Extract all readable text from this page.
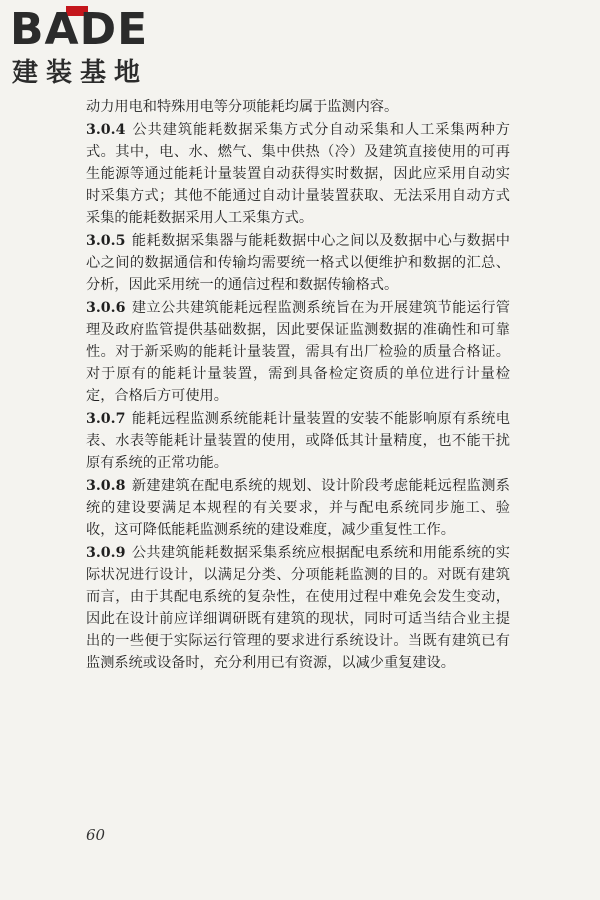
BADE
建装基地

动力用电和特殊用电等分项能耗均属于监测内容。

3.0.4 公共建筑能耗数据采集方式分自动采集和人工采集两种方式。其中，电、水、燃气、集中供热（冷）及建筑直接使用的可再生能源等通过能耗计量装置自动获得实时数据，因此应采用自动实时采集方式；其他不能通过自动计量装置获取、无法采用自动方式采集的能耗数据采用人工采集方式。

3.0.5 能耗数据采集器与能耗数据中心之间以及数据中心与数据中心之间的数据通信和传输均需要统一格式以便维护和数据的汇总、分析，因此采用统一的通信过程和数据传输格式。

3.0.6 建立公共建筑能耗远程监测系统旨在为开展建筑节能运行管理及政府监管提供基础数据，因此要保证监测数据的准确性和可靠性。对于新采购的能耗计量装置，需具有出厂检验的质量合格证。对于原有的能耗计量装置，需到具备检定资质的单位进行计量检定，合格后方可使用。

3.0.7 能耗远程监测系统能耗计量装置的安装不能影响原有系统电表、水表等能耗计量装置的使用，或降低其计量精度，也不能干扰原有系统的正常功能。

3.0.8 新建建筑在配电系统的规划、设计阶段考虑能耗远程监测系统的建设要满足本规程的有关要求，并与配电系统同步施工、验收，这可降低能耗监测系统的建设难度，减少重复性工作。

3.0.9 公共建筑能耗数据采集系统应根据配电系统和用能系统的实际状况进行设计，以满足分类、分项能耗监测的目的。对既有建筑而言，由于其配电系统的复杂性，在使用过程中难免会发生变动，因此在设计前应详细调研既有建筑的现状，同时可适当结合业主提出的一些便于实际运行管理的要求进行系统设计。当既有建筑已有监测系统或设备时，充分利用已有资源，以减少重复建设。

60
